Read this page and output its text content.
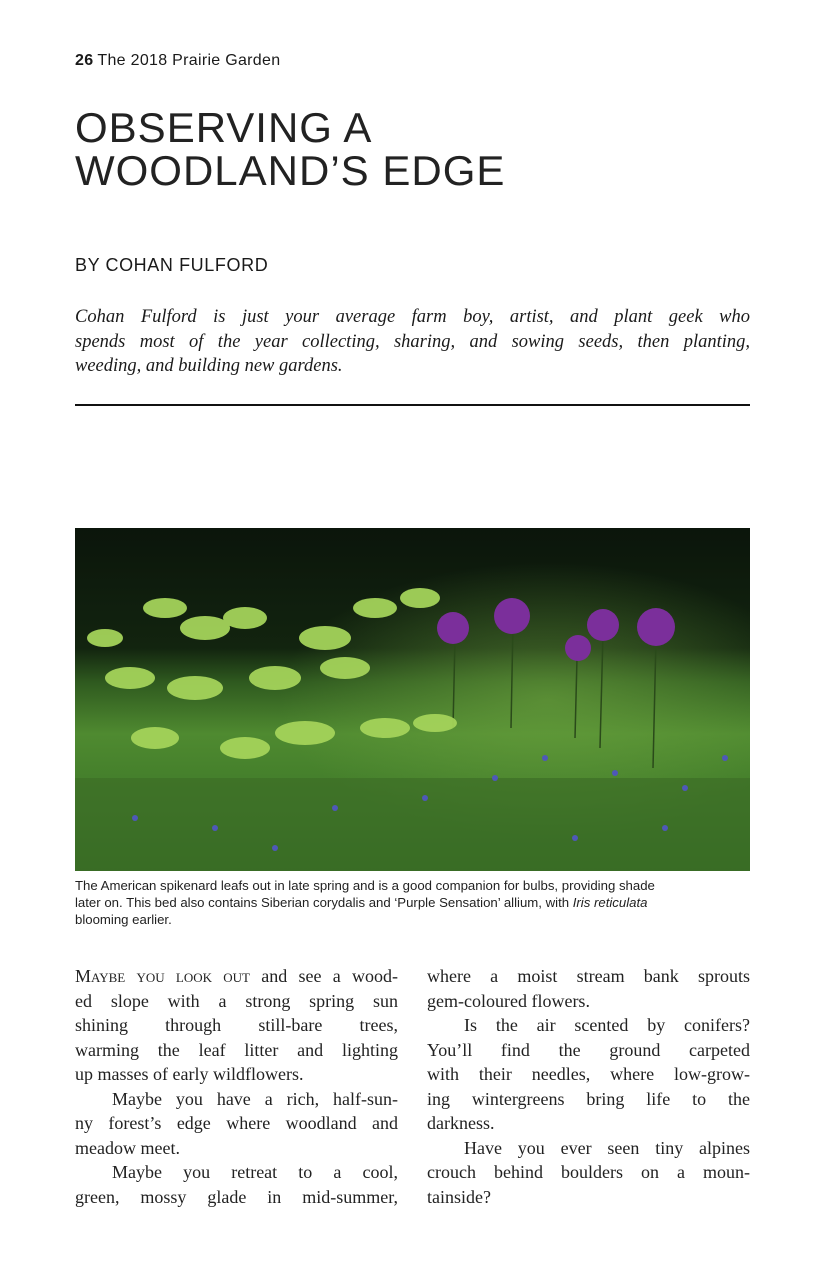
26 The 2018 Prairie Garden
OBSERVING A
WOODLAND’S EDGE
BY COHAN FULFORD
Cohan Fulford is just your average farm boy, artist, and plant geek who
spends most of the year collecting, sharing, and sowing seeds, then planting,
weeding, and building new gardens.
The American spikenard leafs out in late spring and is a good companion for bulbs, providing shade
later on. This bed also contains Siberian corydalis and ‘Purple Sensation’ allium, with Iris reticulata
blooming earlier.
Maybe you look out and see a wood-
ed slope with a strong spring sun
shining through still-bare trees,
warming the leaf litter and lighting
up masses of early wildflowers.
Maybe you have a rich, half-sun-
ny forest’s edge where woodland and
meadow meet.
Maybe you retreat to a cool,
green, mossy glade in mid-summer,
where a moist stream bank sprouts
gem-coloured flowers.
Is the air scented by conifers?
You’ll find the ground carpeted
with their needles, where low-grow-
ing wintergreens bring life to the
darkness.
Have you ever seen tiny alpines
crouch behind boulders on a moun-
tainside?
